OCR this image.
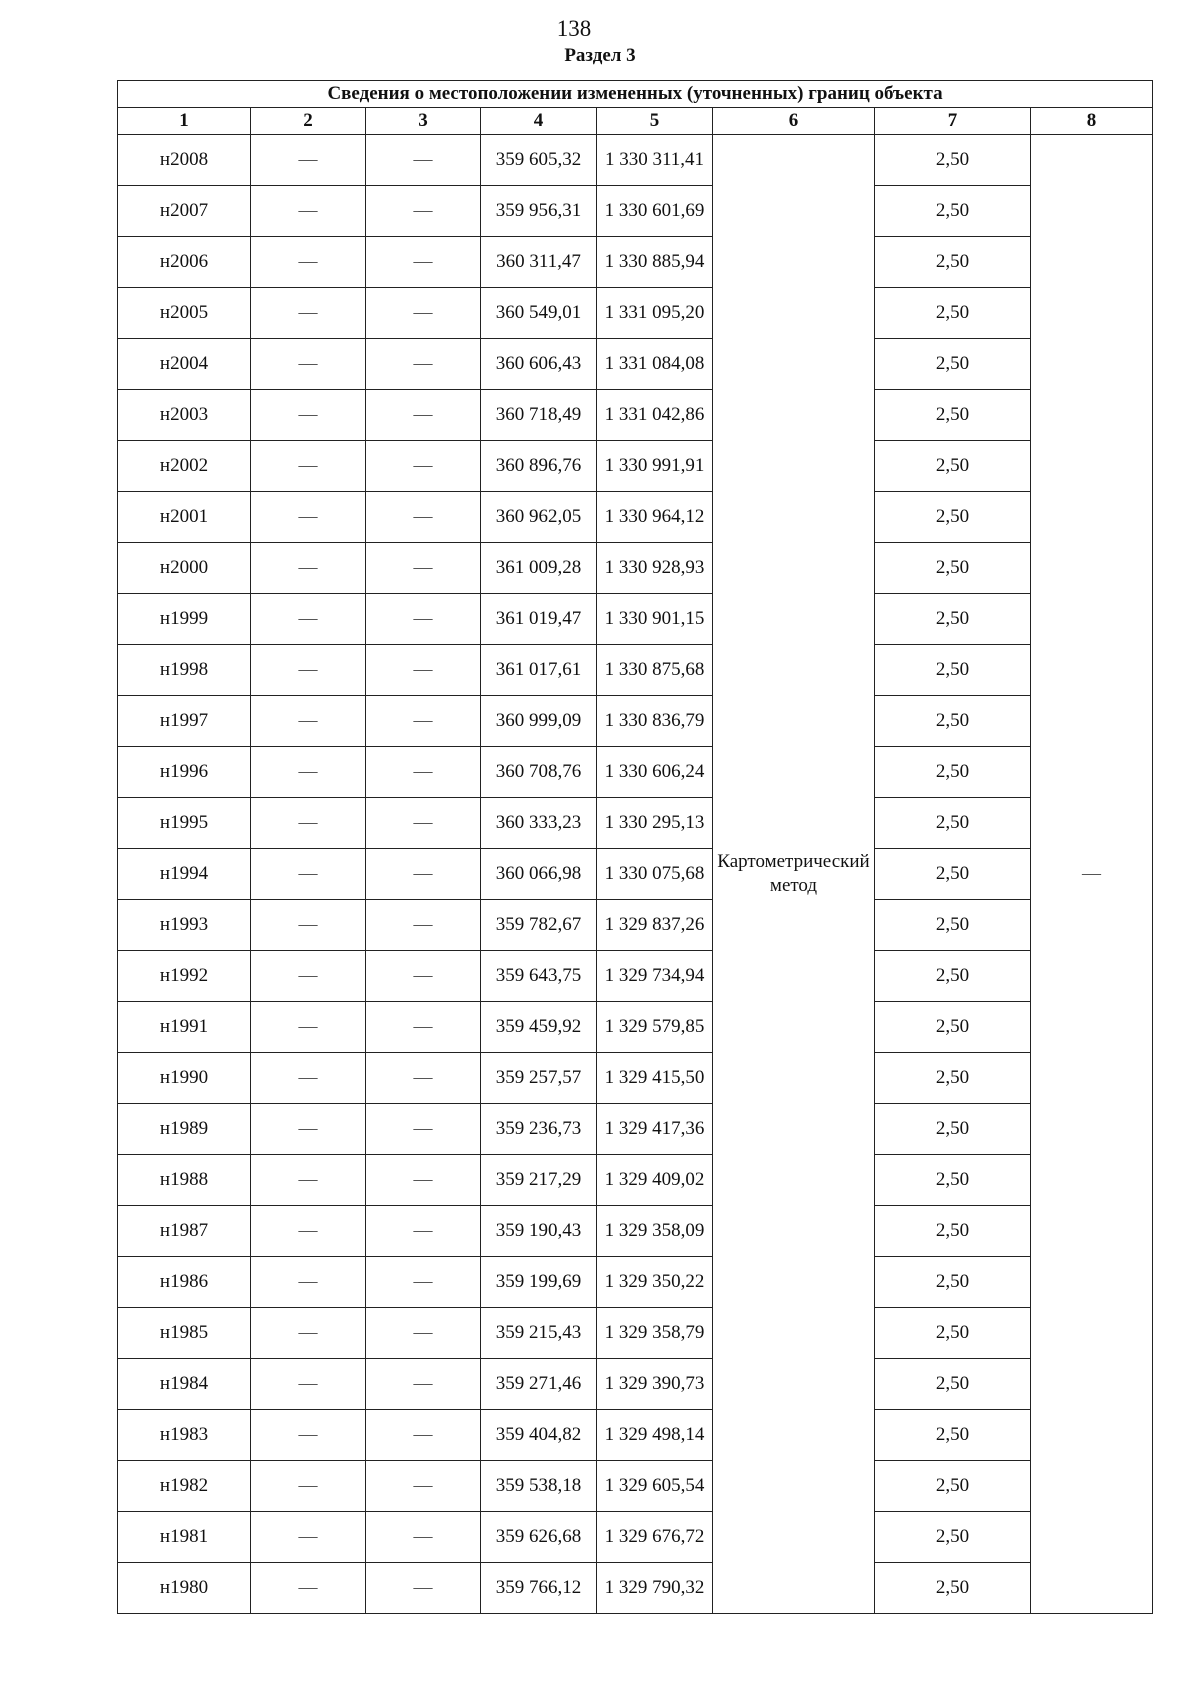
138
Раздел 3
Сведения о местоположении измененных (уточненных) границ объекта							
1	2	3	4	5	6	7	8
н2008	—	—	359 605,32	1 330 311,41	Картометрический метод	2,50	—
н2007	—	—	359 956,31	1 330 601,69		2,50	
н2006	—	—	360 311,47	1 330 885,94		2,50	
н2005	—	—	360 549,01	1 331 095,20		2,50	
н2004	—	—	360 606,43	1 331 084,08		2,50	
н2003	—	—	360 718,49	1 331 042,86		2,50	
н2002	—	—	360 896,76	1 330 991,91		2,50	
н2001	—	—	360 962,05	1 330 964,12		2,50	
н2000	—	—	361 009,28	1 330 928,93		2,50	
н1999	—	—	361 019,47	1 330 901,15		2,50	
н1998	—	—	361 017,61	1 330 875,68		2,50	
н1997	—	—	360 999,09	1 330 836,79		2,50	
н1996	—	—	360 708,76	1 330 606,24		2,50	
н1995	—	—	360 333,23	1 330 295,13		2,50	
н1994	—	—	360 066,98	1 330 075,68		2,50	
н1993	—	—	359 782,67	1 329 837,26		2,50	
н1992	—	—	359 643,75	1 329 734,94		2,50	
н1991	—	—	359 459,92	1 329 579,85		2,50	
н1990	—	—	359 257,57	1 329 415,50		2,50	
н1989	—	—	359 236,73	1 329 417,36		2,50	
н1988	—	—	359 217,29	1 329 409,02		2,50	
н1987	—	—	359 190,43	1 329 358,09		2,50	
н1986	—	—	359 199,69	1 329 350,22		2,50	
н1985	—	—	359 215,43	1 329 358,79		2,50	
н1984	—	—	359 271,46	1 329 390,73		2,50	
н1983	—	—	359 404,82	1 329 498,14		2,50	
н1982	—	—	359 538,18	1 329 605,54		2,50	
н1981	—	—	359 626,68	1 329 676,72		2,50	
н1980	—	—	359 766,12	1 329 790,32		2,50	
